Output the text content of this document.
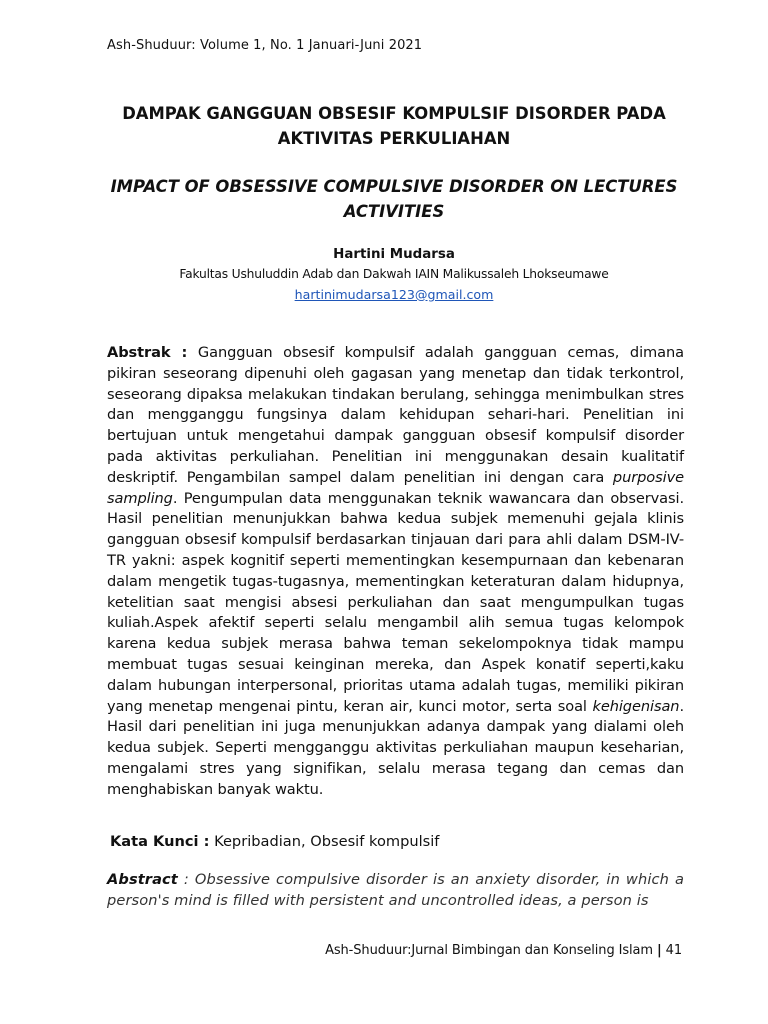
Ash-Shuduur: Volume 1, No. 1 Januari-Juni 2021
DAMPAK GANGGUAN OBSESIF KOMPULSIF DISORDER PADA
AKTIVITAS PERKULIAHAN
IMPACT OF OBSESSIVE COMPULSIVE DISORDER ON LECTURES
ACTIVITIES
Hartini Mudarsa
Fakultas Ushuluddin Adab dan Dakwah IAIN Malikussaleh Lhokseumawe
hartinimudarsa123@gmail.com
Abstrak : Gangguan obsesif kompulsif adalah gangguan cemas, dimana pikiran seseorang dipenuhi oleh gagasan yang menetap dan tidak terkontrol, seseorang dipaksa melakukan tindakan berulang, sehingga menimbulkan stres dan mengganggu fungsinya dalam kehidupan sehari-hari. Penelitian ini bertujuan untuk mengetahui dampak gangguan obsesif kompulsif disorder pada aktivitas perkuliahan. Penelitian ini menggunakan desain kualitatif deskriptif. Pengambilan sampel dalam penelitian ini dengan cara purposive sampling. Pengumpulan data menggunakan teknik wawancara dan observasi. Hasil penelitian menunjukkan bahwa kedua subjek memenuhi gejala klinis gangguan obsesif kompulsif berdasarkan tinjauan dari para ahli dalam DSM-IV-TR yakni: aspek kognitif seperti mementingkan kesempurnaan dan kebenaran dalam mengetik tugas-tugasnya, mementingkan keteraturan dalam hidupnya, ketelitian saat mengisi absesi perkuliahan dan saat mengumpulkan tugas kuliah.Aspek afektif seperti selalu mengambil alih semua tugas kelompok karena kedua subjek merasa bahwa teman sekelompoknya tidak mampu membuat tugas sesuai keinginan mereka, dan Aspek konatif seperti,kaku dalam hubungan interpersonal, prioritas utama adalah tugas, memiliki pikiran yang menetap mengenai pintu, keran air, kunci motor, serta soal kehigenisan. Hasil dari penelitian ini juga menunjukkan adanya dampak yang dialami oleh kedua subjek. Seperti mengganggu aktivitas perkuliahan maupun keseharian, mengalami stres yang signifikan, selalu merasa tegang dan cemas dan menghabiskan banyak waktu.
Kata Kunci : Kepribadian, Obsesif kompulsif
Abstract : Obsessive compulsive disorder is an anxiety disorder, in which a person's mind is filled with persistent and uncontrolled ideas, a person is
Ash-Shuduur:Jurnal Bimbingan dan Konseling Islam | 41
